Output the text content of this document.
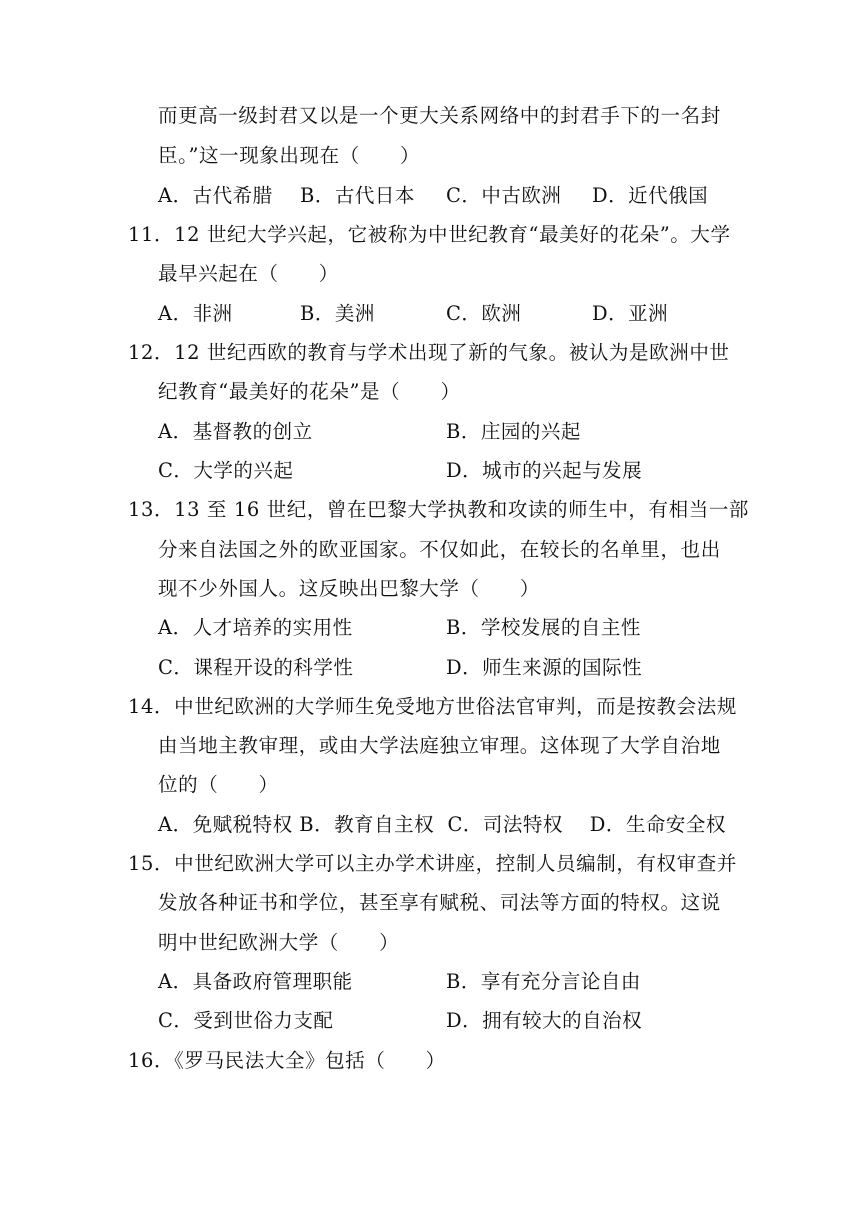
而更高一级封君又以是一个更大关系网络中的封君手下的一名封
臣。”这一现象出现在（　　）
A．古代希腊 B．古代日本 C．中古欧洲 D．近代俄国
11．12 世纪大学兴起，它被称为中世纪教育“最美好的花朵”。大学
最早兴起在（　　）
A．非洲	B．美洲	C．欧洲	D．亚洲
12．12 世纪西欧的教育与学术出现了新的气象。被认为是欧洲中世
纪教育“最美好的花朵”是（　　）
A．基督教的创立	B．庄园的兴起
C．大学的兴起	D．城市的兴起与发展
13．13 至 16 世纪，曾在巴黎大学执教和攻读的师生中，有相当一部
分来自法国之外的欧亚国家。不仅如此，在较长的名单里，也出
现不少外国人。这反映出巴黎大学（　　）
A．人才培养的实用性	B．学校发展的自主性
C．课程开设的科学性	D．师生来源的国际性
14．中世纪欧洲的大学师生免受地方世俗法官审判，而是按教会法规
由当地主教审理，或由大学法庭独立审理。这体现了大学自治地
位的（　　）
A．免赋税特权 B．教育自主权  C．司法特权    D．生命安全权
15．中世纪欧洲大学可以主办学术讲座，控制人员编制，有权审查并
发放各种证书和学位，甚至享有赋税、司法等方面的特权。这说
明中世纪欧洲大学（　　）
A．具备政府管理职能	B．享有充分言论自由
C．受到世俗力支配	D．拥有较大的自治权
16．《罗马民法大全》包括（　　）
